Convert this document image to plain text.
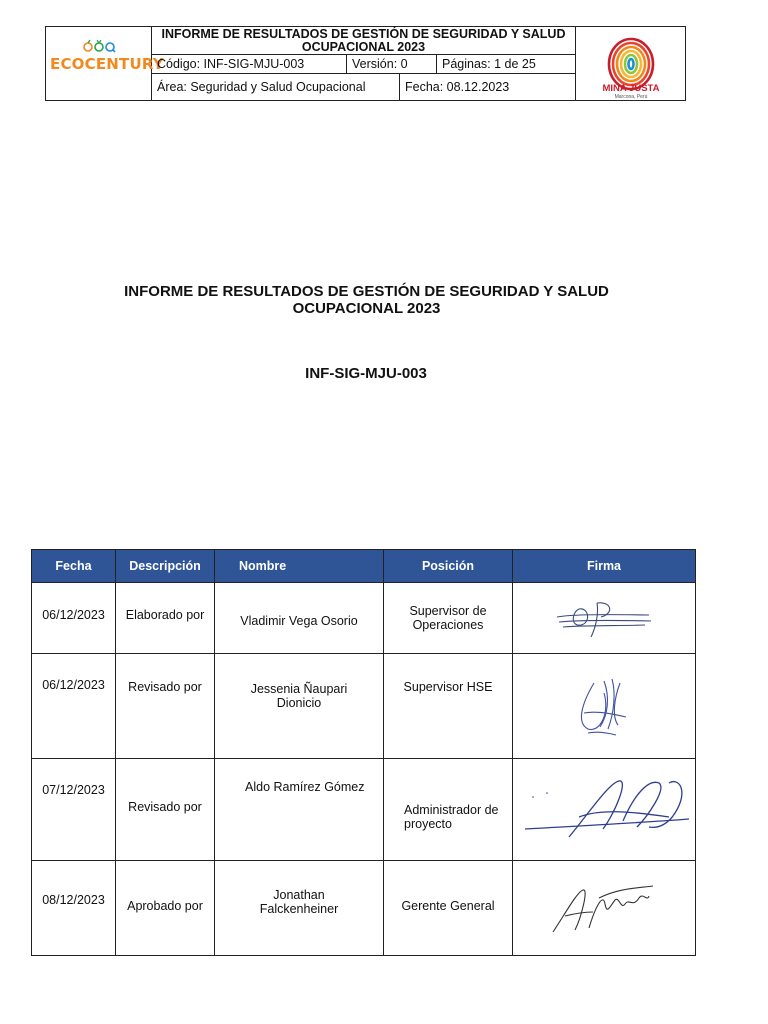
ECOCENTURY
INFORME DE RESULTADOS DE GESTIÓN DE SEGURIDAD Y SALUD OCUPACIONAL 2023
Código: INF-SIG-MJU-003	Versión: 0	Páginas: 1 de 25
Área: Seguridad y Salud Ocupacional	Fecha: 08.12.2023	MINA JUSTA
Marcona, Perú
INFORME DE RESULTADOS DE GESTIÓN DE SEGURIDAD Y SALUD OCUPACIONAL 2023
INF-SIG-MJU-003
Fecha	Descripción	Nombre	Posición	Firma
06/12/2023	Elaborado por	Vladimir Vega Osorio	Supervisor de Operaciones	

06/12/2023	Revisado por	Jessenia Ñaupari Dionicio	Supervisor HSE	

07/12/2023	Revisado por	Aldo Ramírez Gómez	Administrador de proyecto	

08/12/2023	Aprobado por	Jonathan Falckenheiner	Gerente General	
